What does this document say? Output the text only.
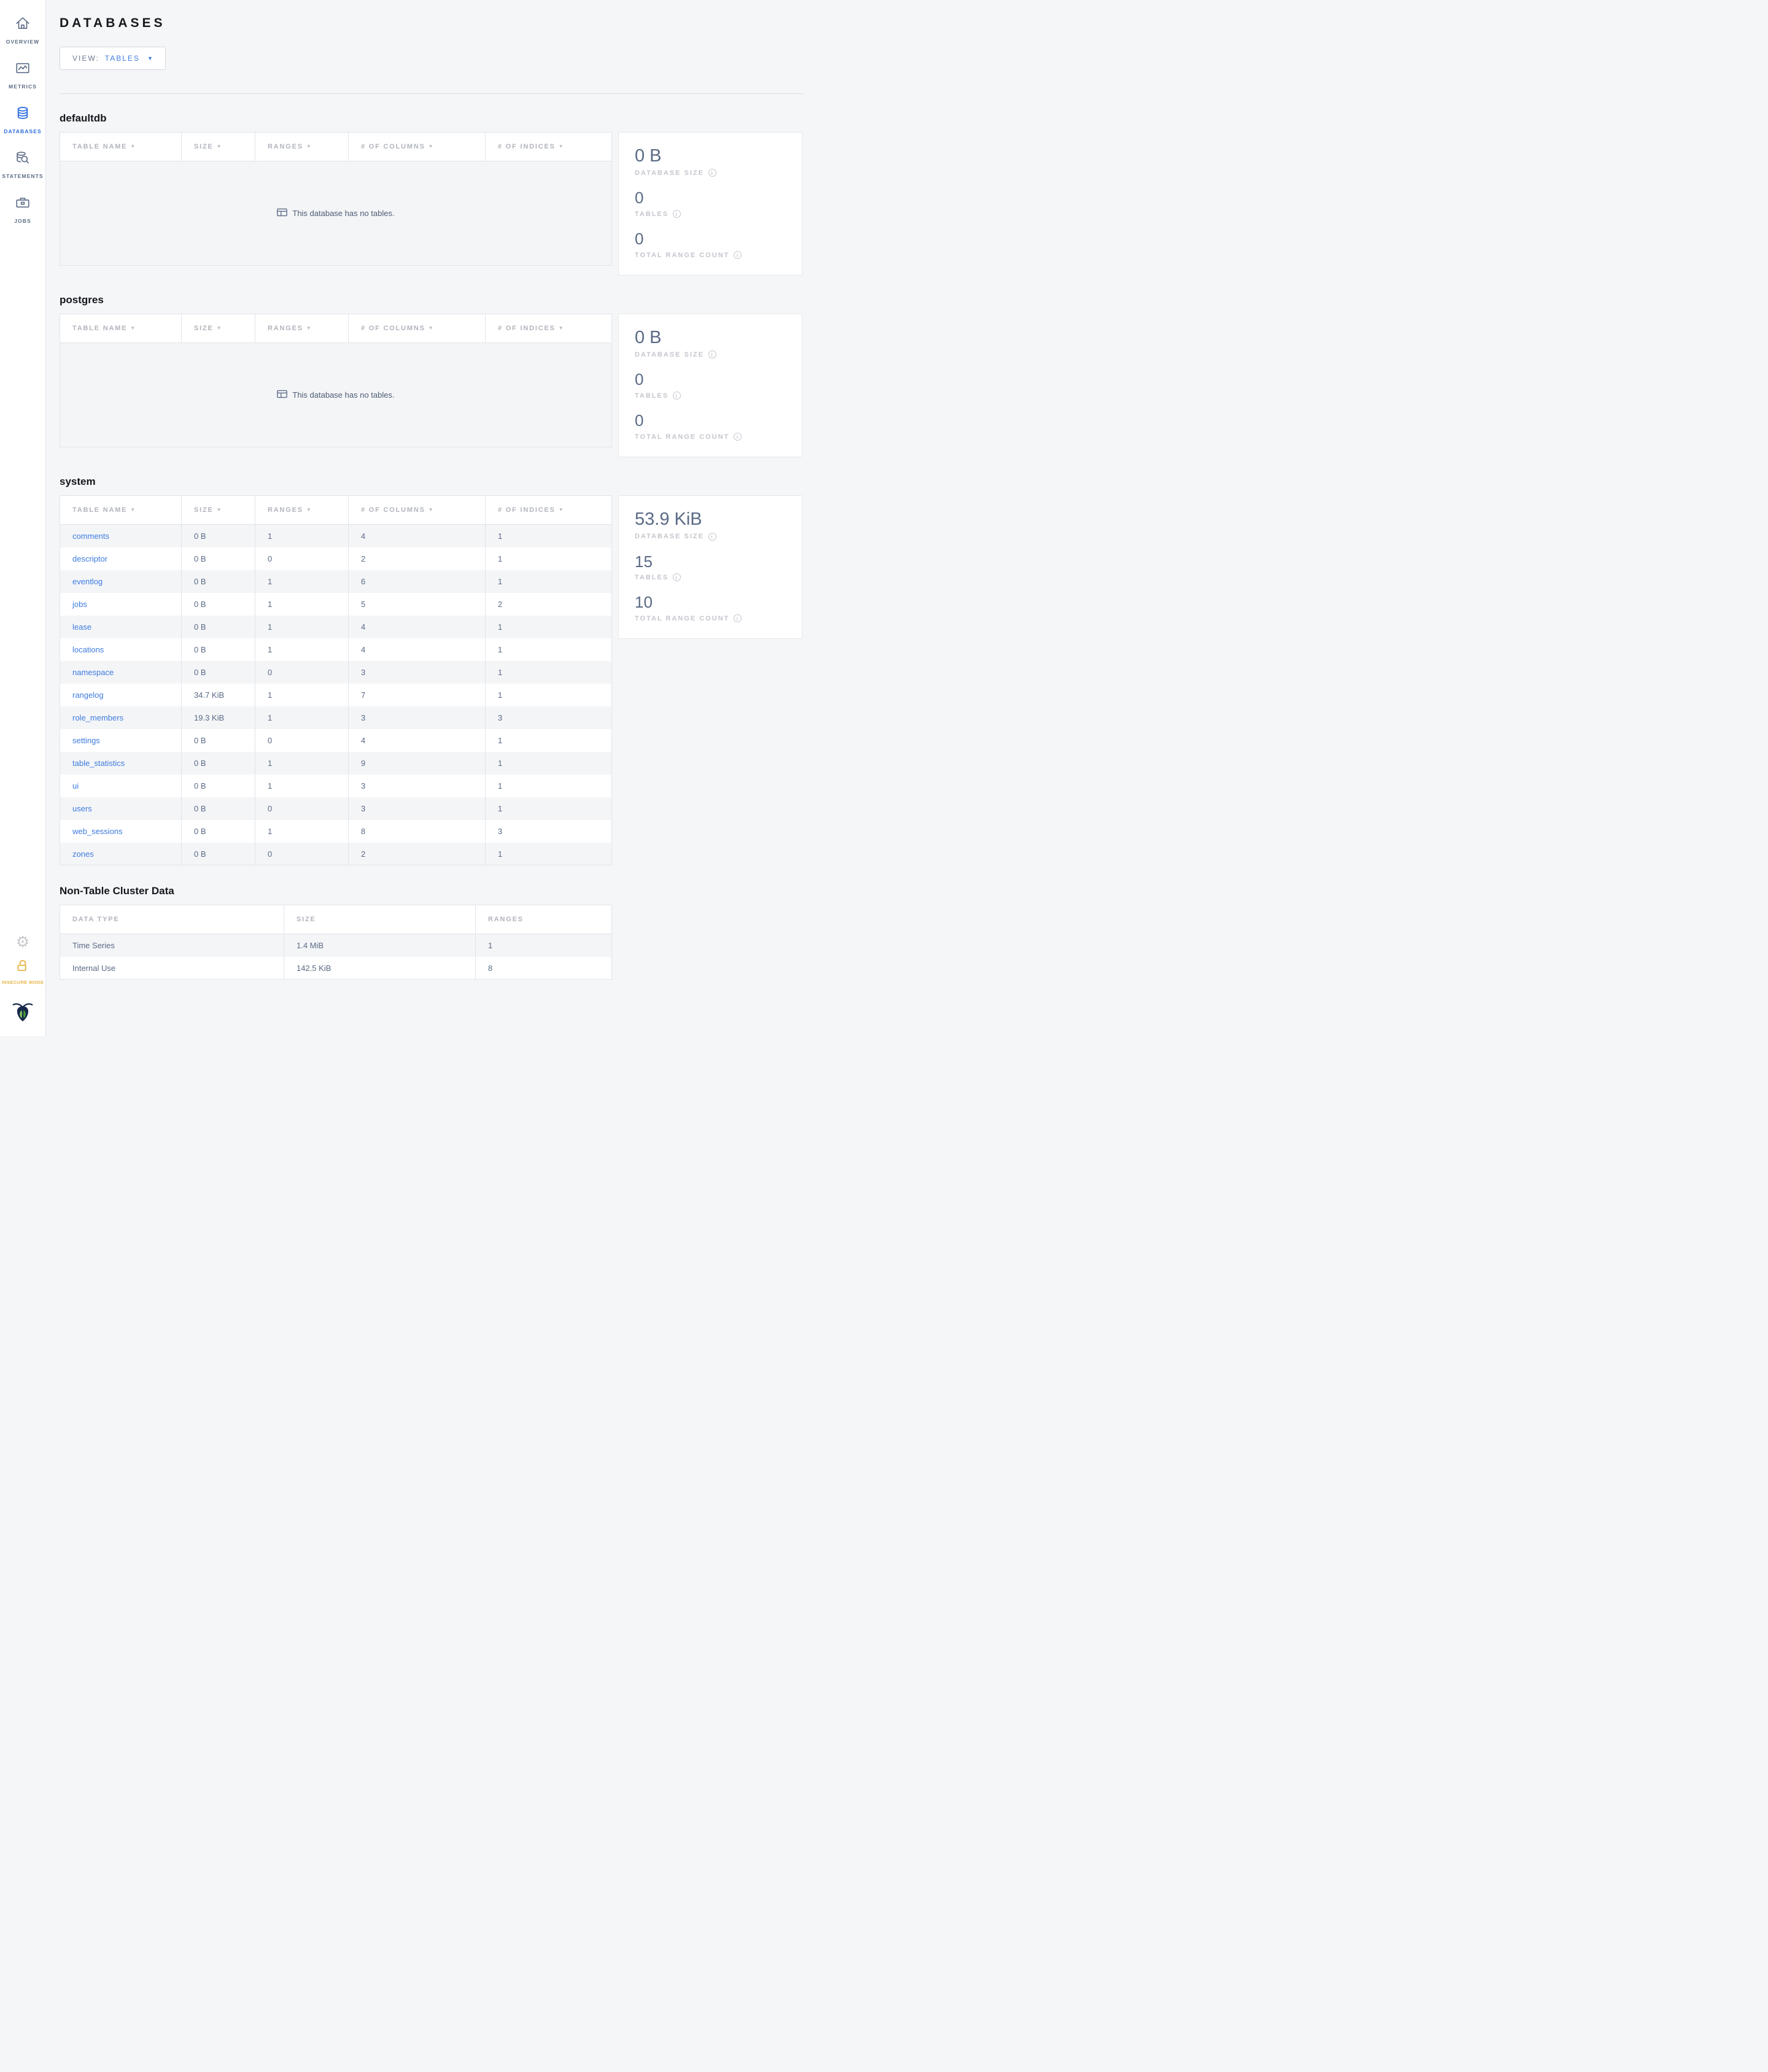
OVERVIEW
METRICS
DATABASES
STATEMENTS
JOBS
⚙
INSECURE MODE
DATABASES
VIEW: TABLES ▼
defaultdb
TABLE NAME ▼	SIZE ▼	RANGES ▼	# OF COLUMNS ▼	# OF INDICES ▼

This database has no tables.
0 B
DATABASE SIZE	i
0
TABLES	i
0
TOTAL RANGE COUNT	i
postgres
TABLE NAME ▼	SIZE ▼	RANGES ▼	# OF COLUMNS ▼	# OF INDICES ▼

This database has no tables.
0 B
DATABASE SIZE	i
0
TABLES	i
0
TOTAL RANGE COUNT	i
system
TABLE NAME ▼	SIZE ▼	RANGES ▼	# OF COLUMNS ▼	# OF INDICES ▼
comments	0 B	1	4	1
descriptor	0 B	0	2	1
eventlog	0 B	1	6	1
jobs	0 B	1	5	2
lease	0 B	1	4	1
locations	0 B	1	4	1
namespace	0 B	0	3	1
rangelog	34.7 KiB	1	7	1
role_members	19.3 KiB	1	3	3
settings	0 B	0	4	1
table_statistics	0 B	1	9	1
ui	0 B	1	3	1
users	0 B	0	3	1
web_sessions	0 B	1	8	3
zones	0 B	0	2	1
53.9 KiB
DATABASE SIZE	i
15
TABLES	i
10
TOTAL RANGE COUNT	i
Non-Table Cluster Data
DATA TYPE	SIZE	RANGES
Time Series	1.4 MiB	1
Internal Use	142.5 KiB	8
